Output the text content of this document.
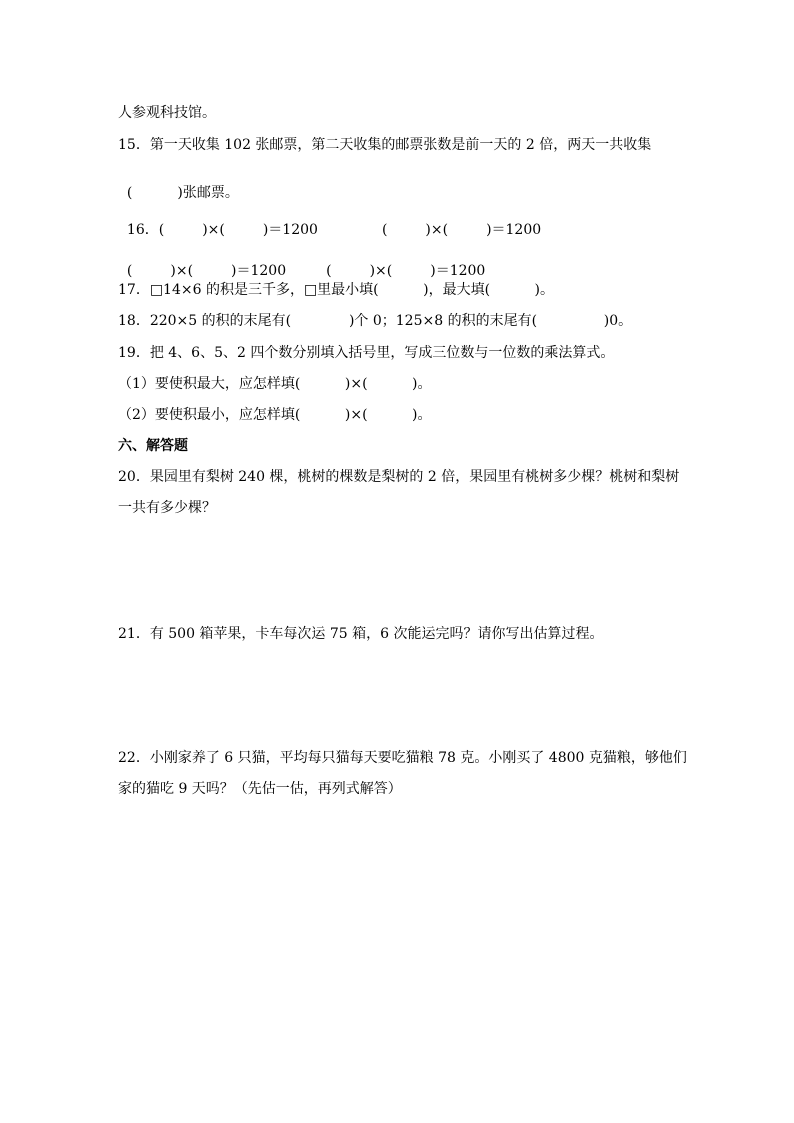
人参观科技馆。
15．第一天收集 102 张邮票，第二天收集的邮票张数是前一天的 2 倍，两天一共收集

(	)张邮票。

16．(	)×(	)＝1200	(	)×(	)＝1200

(	)×(	)＝1200	(	)×(	)＝1200

17．□14×6 的积是三千多，□里最小填(          )，最大填(          )。
18．220×5 的积的末尾有(             )个 0；125×8 的积的末尾有(               )0。
19．把 4、6、5、2 四个数分别填入括号里，写成三位数与一位数的乘法算式。
（1）要使积最大，应怎样填(          )×(          )。
（2）要使积最小，应怎样填(          )×(          )。
六、解答题
20．果园里有梨树 240 棵，桃树的棵数是梨树的 2 倍，果园里有桃树多少棵？桃树和梨树
一共有多少棵？
21．有 500 箱苹果，卡车每次运 75 箱，6 次能运完吗？请你写出估算过程。
22．小刚家养了 6 只猫，平均每只猫每天要吃猫粮 78 克。小刚买了 4800 克猫粮，够他们
家的猫吃 9 天吗？（先估一估，再列式解答）
